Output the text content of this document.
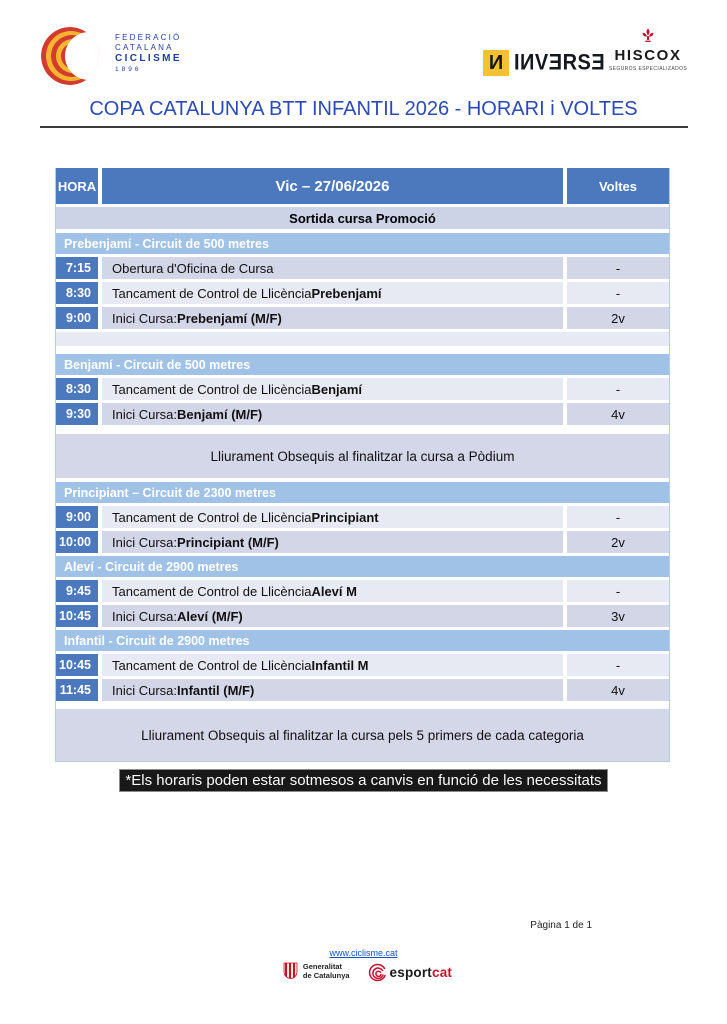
FEDERACIÓ
CATALANA
CICLISME
1896	И IИVƎRSƎ HISCOX
SEGUROS ESPECIALIZADOS
COPA CATALUNYA BTT INFANTIL 2026 - HORARI i VOLTES
HORA	Vic – 27/06/2026	Voltes
Sortida cursa Promoció
Prebenjamí - Circuit de 500 metres
7:15	Obertura d'Oficina de Cursa	-
8:30	Tancament de Control de Llicència Prebenjamí	-
9:00	Inici Cursa: Prebenjamí (M/F)	2v
Benjamí - Circuit de 500 metres
8:30	Tancament de Control de Llicència Benjamí	-
9:30	Inici Cursa: Benjamí (M/F)	4v
Lliurament Obsequis al finalitzar la cursa a Pòdium
Principiant – Circuit de 2300 metres
9:00	Tancament de Control de Llicència Principiant	-
10:00	Inici Cursa: Principiant (M/F)	2v
Aleví - Circuit de 2900 metres
9:45	Tancament de Control de Llicència Aleví M	-
10:45	Inici Cursa: Aleví (M/F)	3v
Infantil - Circuit de 2900 metres
10:45	Tancament de Control de Llicència Infantil M	-
11:45	Inici Cursa: Infantil (M/F)	4v
Lliurament Obsequis al finalitzar la cursa pels 5 primers de cada categoria
*Els horaris poden estar sotmesos a canvis en funció de les necessitats
Pàgina 1 de 1
www.ciclisme.cat
Generalitat
de Catalunya	esportcat
